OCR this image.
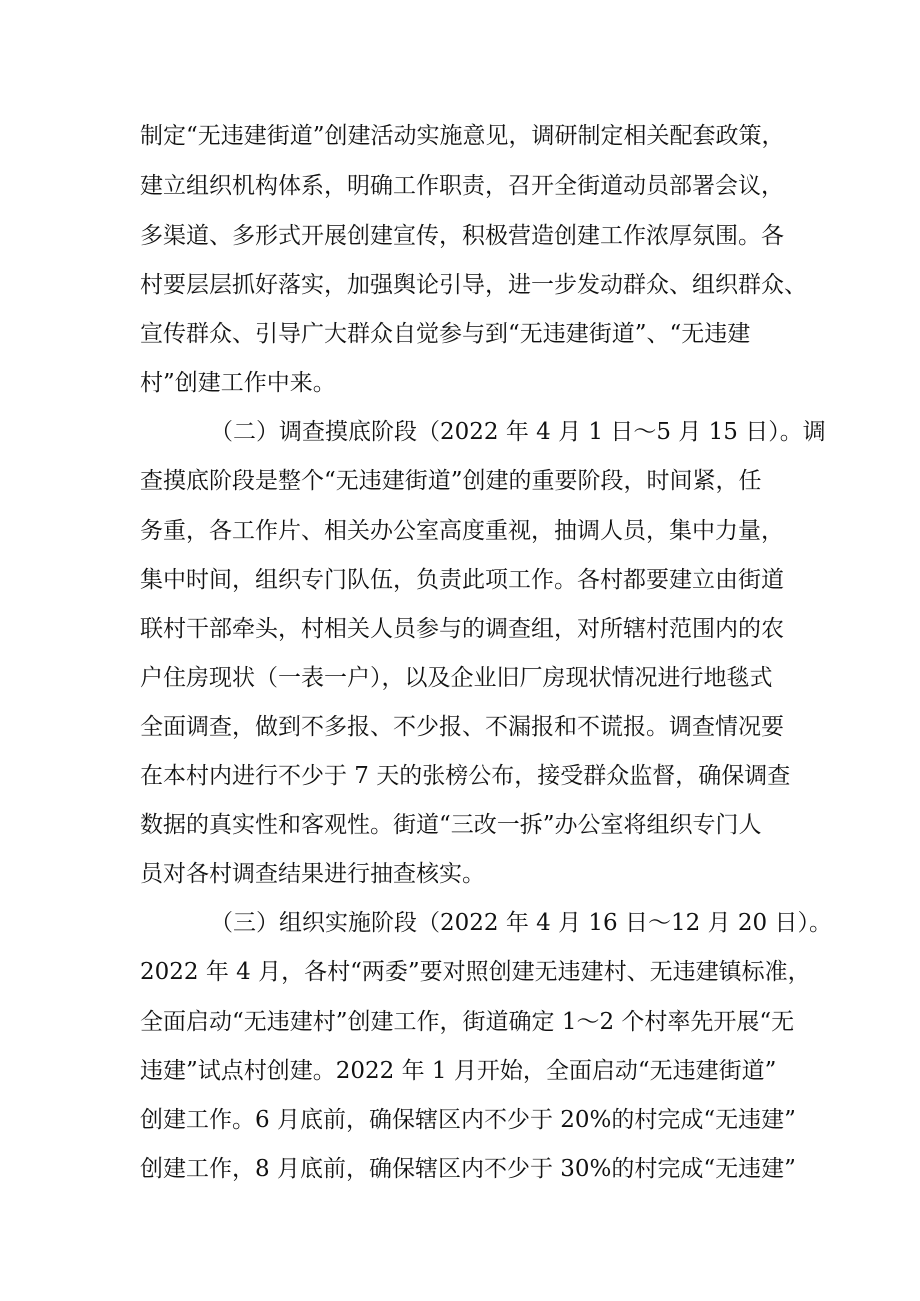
制定“无违建街道”创建活动实施意见，调研制定相关配套政策，
建立组织机构体系，明确工作职责，召开全街道动员部署会议，
多渠道、多形式开展创建宣传，积极营造创建工作浓厚氛围。各
村要层层抓好落实，加强舆论引导，进一步发动群众、组织群众、
宣传群众、引导广大群众自觉参与到“无违建街道”、“无违建
村”创建工作中来。
（二）调查摸底阶段（2022 年 4 月 1 日～5 月 15 日）。调
查摸底阶段是整个“无违建街道”创建的重要阶段，时间紧，任
务重，各工作片、相关办公室高度重视，抽调人员，集中力量，
集中时间，组织专门队伍，负责此项工作。各村都要建立由街道
联村干部牵头，村相关人员参与的调查组，对所辖村范围内的农
户住房现状（一表一户），以及企业旧厂房现状情况进行地毯式
全面调查，做到不多报、不少报、不漏报和不谎报。调查情况要
在本村内进行不少于 7 天的张榜公布，接受群众监督，确保调查
数据的真实性和客观性。街道“三改一拆”办公室将组织专门人
员对各村调查结果进行抽查核实。
（三）组织实施阶段（2022 年 4 月 16 日～12 月 20 日）。
2022 年 4 月，各村“两委”要对照创建无违建村、无违建镇标准，
全面启动“无违建村”创建工作，街道确定 1～2 个村率先开展“无
违建”试点村创建。2022 年 1 月开始，全面启动“无违建街道”
创建工作。6 月底前，确保辖区内不少于 20%的村完成“无违建”
创建工作，8 月底前，确保辖区内不少于 30%的村完成“无违建”
